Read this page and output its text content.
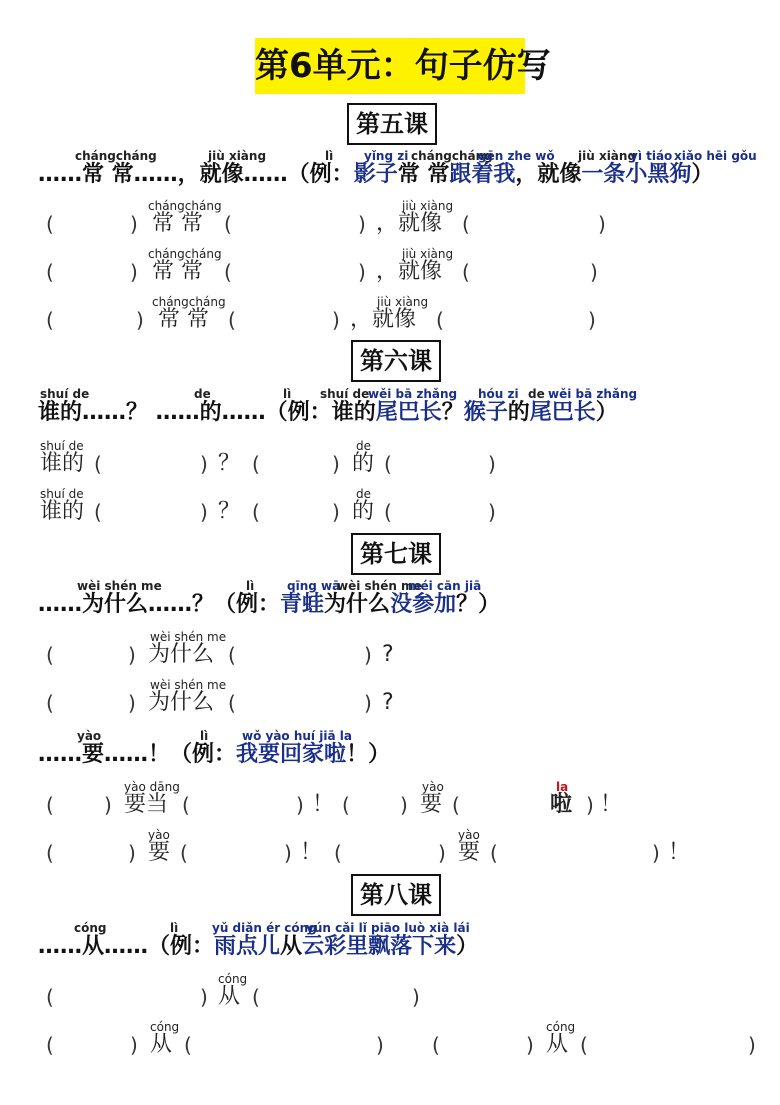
第6单元：句子仿写
第五课
chángcháng	jiù xiàng	lì	yǐng zi chángcháng
gēn zhe wǒ jiù xiàng
yì tiáo xiǎo hēi gǒu
……常 常……，就像……（例：影子常 常跟着我，就像一条小黑狗）
chángcháng	jiù xiàng
(	) 常 常 (	) ，就像 (	)
chángcháng	jiù xiàng
(	) 常 常 (	) ，就像 (	)
chángcháng	jiù xiàng
(	) 常 常 (	) ，就像 (	)
第六课
shuí de	de	lì shuí de
wěi bā zhǎng hóu zi de wěi bā zhǎng
谁的……？ ……的……（例：谁的尾巴长？猴子的尾巴长）
shuí de	de
谁的 (	) ？ (	) 的 (	)
shuí de	de
谁的 (	) ？ (	) 的 (	)
第七课
wèi shén me	lì	qīng wā
wèi shén me
méi cān jiā
……为什么……？（例：青蛙为什么没参加？）
wèi shén me
(	) 为什么 (	) ?
wèi shén me
(	) 为什么 (	) ?
yào	lì	wǒ yào huí jiā la
……要……！（例：我要回家啦！）
yào dāng	yào	la
(	) 要当 (	) ！ (	) 要 (	啦 ) ！
yào	yào
(	) 要 (	) ！ (	) 要 (	) ！
第八课
cóng	lì	yǔ diǎn ér cóng
yún cǎi lǐ piāo luò xià lái
……从……（例：雨点儿从云彩里飘落下来）
cóng
(	) 从 (	)
cóng	cóng
(	) 从 (	) (	) 从 (	)
